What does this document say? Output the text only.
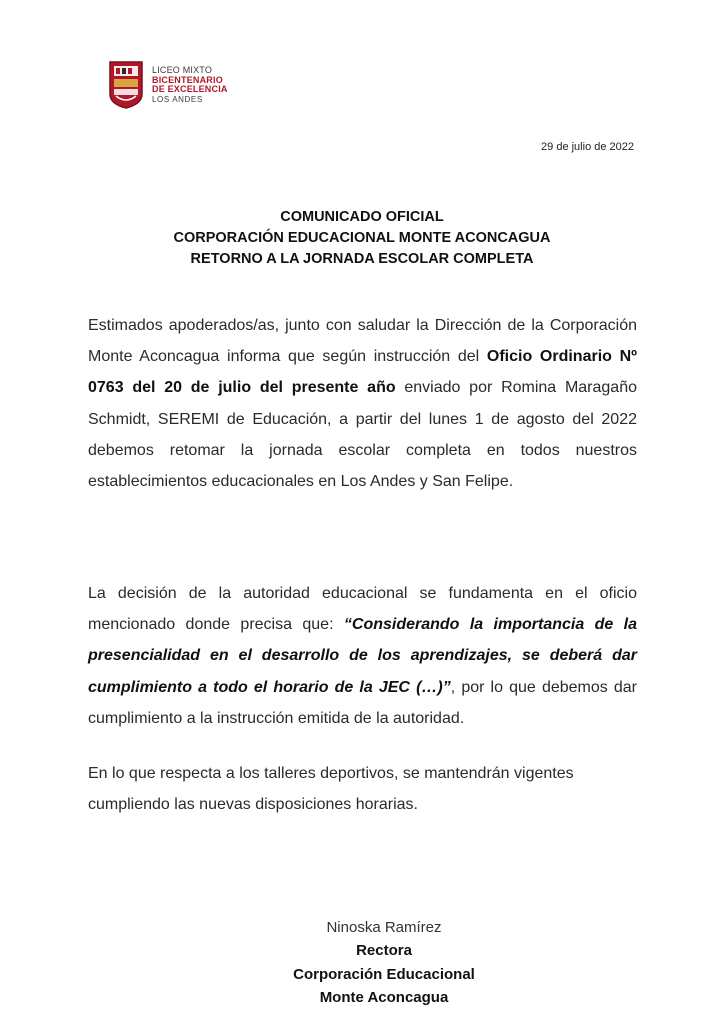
LICEO MIXTO
BICENTENARIO
DE EXCELENCIA
LOS ANDES
29 de julio de 2022
COMUNICADO OFICIAL
CORPORACIÓN EDUCACIONAL MONTE ACONCAGUA
RETORNO A LA JORNADA ESCOLAR COMPLETA

Estimados apoderados/as, junto con saludar la Dirección de la Corporación Monte Aconcagua informa que según instrucción del Oficio Ordinario Nº 0763 del 20 de julio del presente año enviado por Romina Maragaño Schmidt, SEREMI de Educación, a partir del lunes 1 de agosto del 2022 debemos retomar la jornada escolar completa en todos nuestros establecimientos educacionales en Los Andes y San Felipe.

La decisión de la autoridad educacional se fundamenta en el oficio mencionado donde precisa que: “Considerando la importancia de la presencialidad en el desarrollo de los aprendizajes, se deberá dar cumplimiento a todo el horario de la JEC (…)”, por lo que debemos dar cumplimiento a la instrucción emitida de la autoridad.

En lo que respecta a los talleres deportivos, se mantendrán vigentes cumpliendo las nuevas disposiciones horarias.

Ninoska Ramírez
Rectora
Corporación Educacional
Monte Aconcagua
